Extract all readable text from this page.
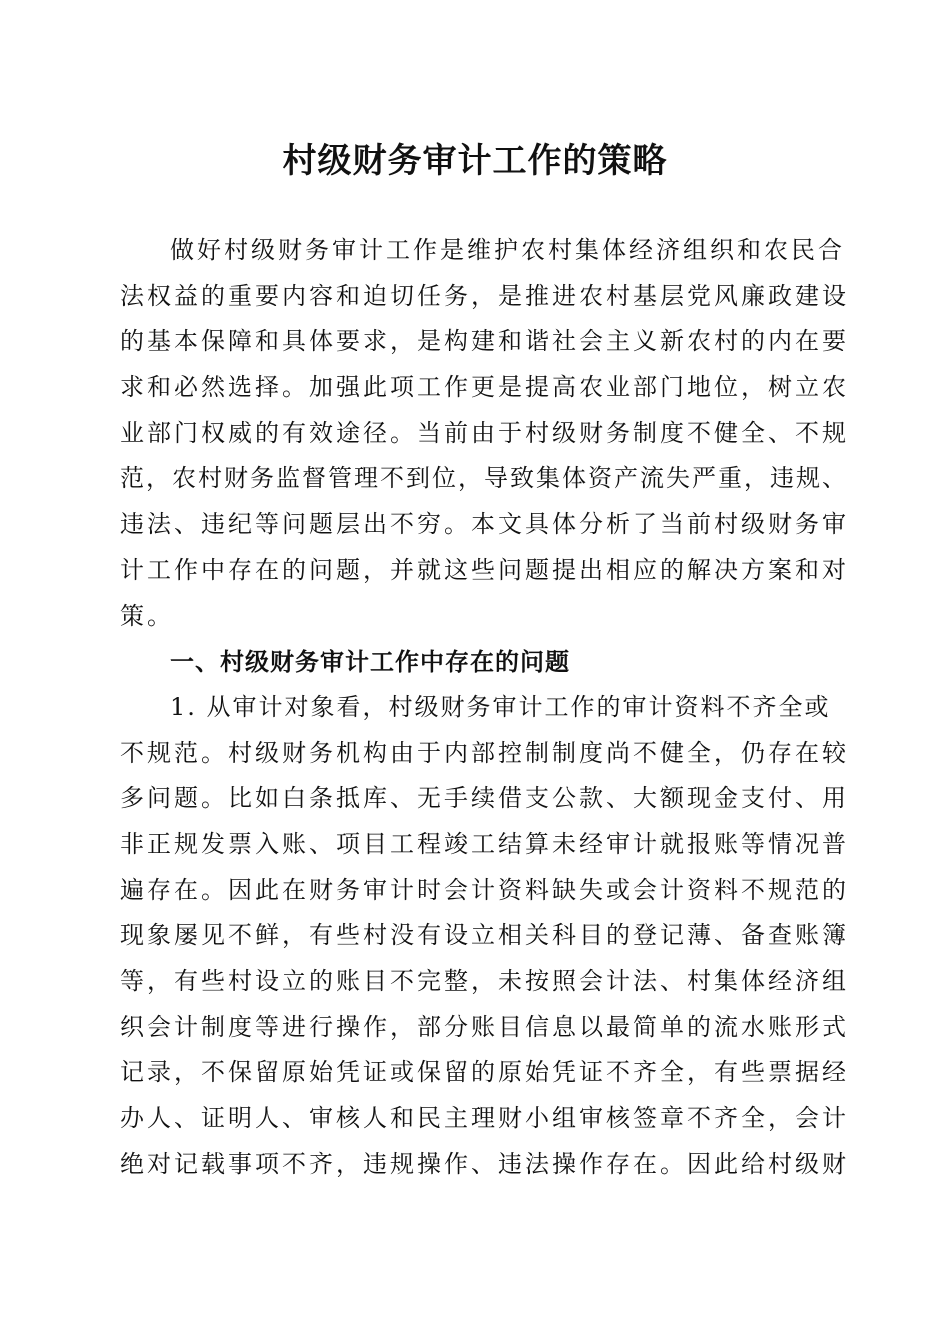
村级财务审计工作的策略
做好村级财务审计工作是维护农村集体经济组织和农民合
法权益的重要内容和迫切任务，是推进农村基层党风廉政建设
的基本保障和具体要求，是构建和谐社会主义新农村的内在要
求和必然选择。加强此项工作更是提高农业部门地位，树立农
业部门权威的有效途径。当前由于村级财务制度不健全、不规
范，农村财务监督管理不到位，导致集体资产流失严重，违规、
违法、违纪等问题层出不穷。本文具体分析了当前村级财务审
计工作中存在的问题，并就这些问题提出相应的解决方案和对
策。
一、村级财务审计工作中存在的问题
1. 从审计对象看，村级财务审计工作的审计资料不齐全或
不规范。村级财务机构由于内部控制制度尚不健全，仍存在较
多问题。比如白条抵库、无手续借支公款、大额现金支付、用
非正规发票入账、项目工程竣工结算未经审计就报账等情况普
遍存在。因此在财务审计时会计资料缺失或会计资料不规范的
现象屡见不鲜，有些村没有设立相关科目的登记薄、备查账簿
等，有些村设立的账目不完整，未按照会计法、村集体经济组
织会计制度等进行操作，部分账目信息以最简单的流水账形式
记录，不保留原始凭证或保留的原始凭证不齐全，有些票据经
办人、证明人、审核人和民主理财小组审核签章不齐全，会计
绝对记载事项不齐，违规操作、违法操作存在。因此给村级财
